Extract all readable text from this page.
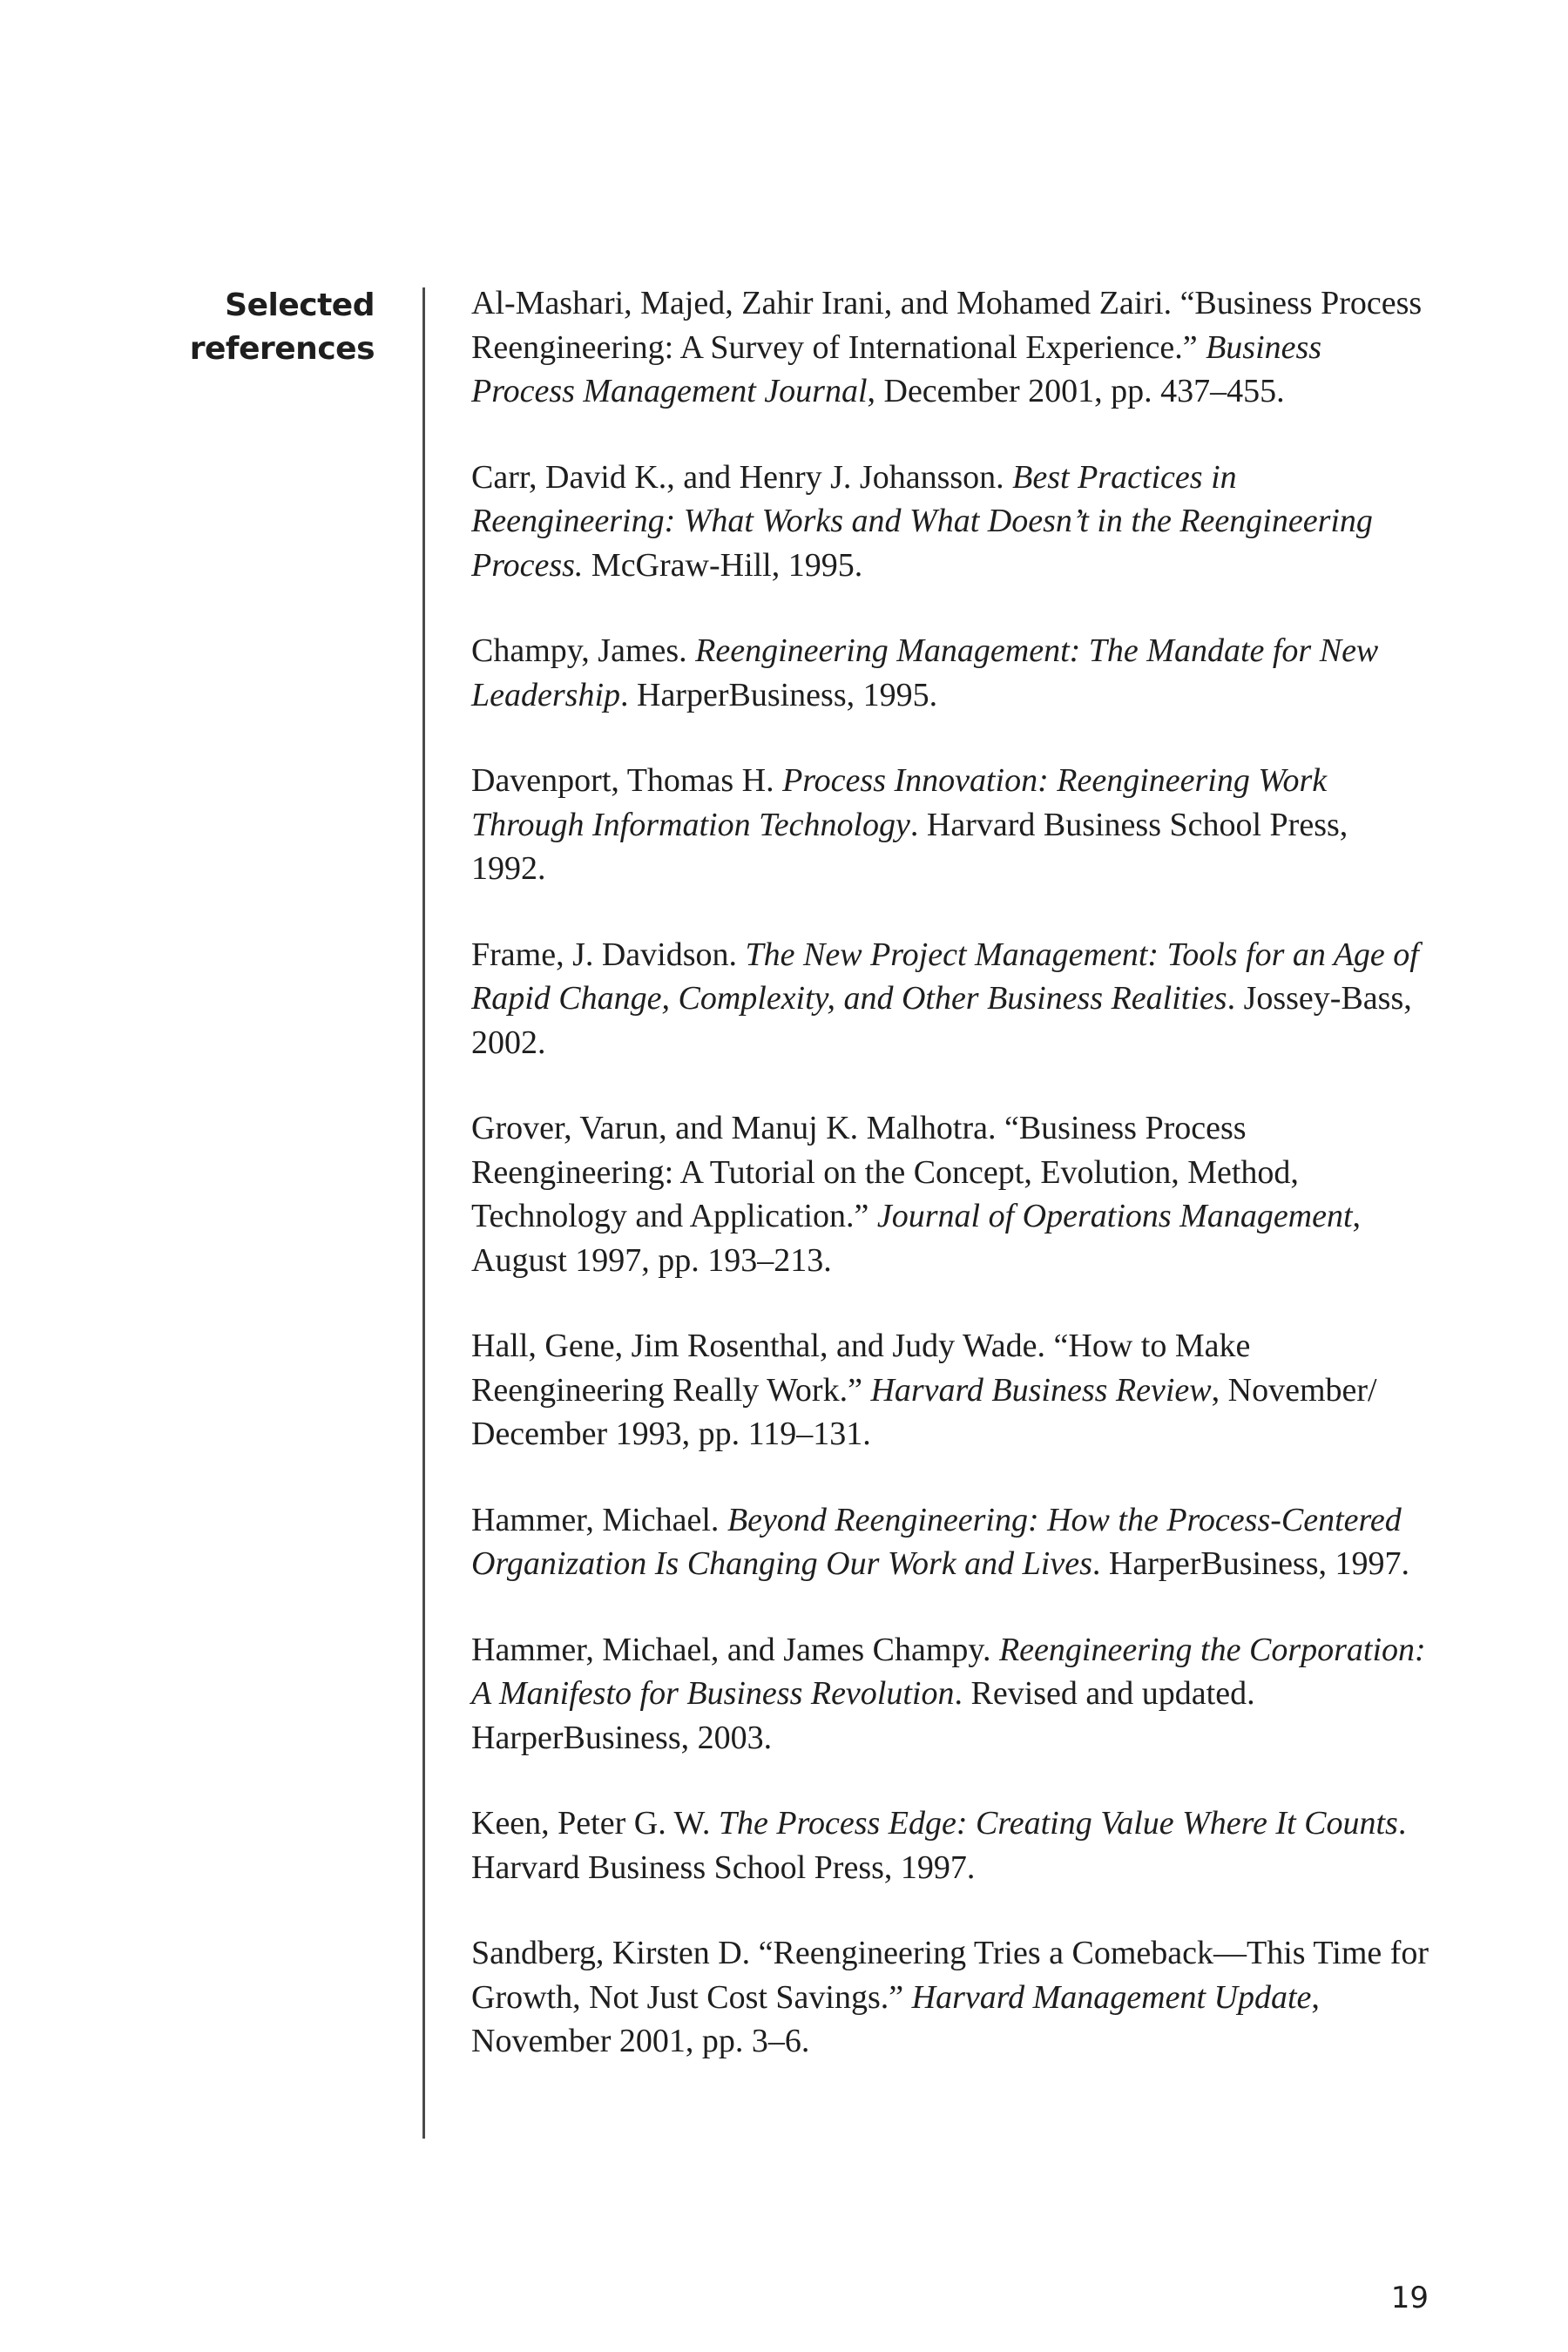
Selected
references

Al-Mashari, Majed, Zahir Irani, and Mohamed Zairi. “Business Process Reengineering: A Survey of International Experience.” Business Process Management Journal, December 2001, pp. 437–455.

Carr, David K., and Henry J. Johansson. Best Practices in Reengineering: What Works and What Doesn’t in the Reengineering Process. McGraw-Hill, 1995.

Champy, James. Reengineering Management: The Mandate for New Leadership. HarperBusiness, 1995.

Davenport, Thomas H. Process Innovation: Reengineering Work Through Information Technology. Harvard Business School Press, 1992.

Frame, J. Davidson. The New Project Management: Tools for an Age of Rapid Change, Complexity, and Other Business Realities. Jossey-Bass, 2002.

Grover, Varun, and Manuj K. Malhotra. “Business Process Reengineering: A Tutorial on the Concept, Evolution, Method, Technology and Application.” Journal of Operations Management, August 1997, pp. 193–213.

Hall, Gene, Jim Rosenthal, and Judy Wade. “How to Make Reengineering Really Work.” Harvard Business Review, November/ December 1993, pp. 119–131.

Hammer, Michael. Beyond Reengineering: How the Process-Centered Organization Is Changing Our Work and Lives. HarperBusiness, 1997.

Hammer, Michael, and James Champy. Reengineering the Corporation: A Manifesto for Business Revolution. Revised and updated. HarperBusiness, 2003.

Keen, Peter G. W. The Process Edge: Creating Value Where It Counts. Harvard Business School Press, 1997.

Sandberg, Kirsten D. “Reengineering Tries a Comeback—This Time for Growth, Not Just Cost Savings.” Harvard Management Update, November 2001, pp. 3–6.

19
